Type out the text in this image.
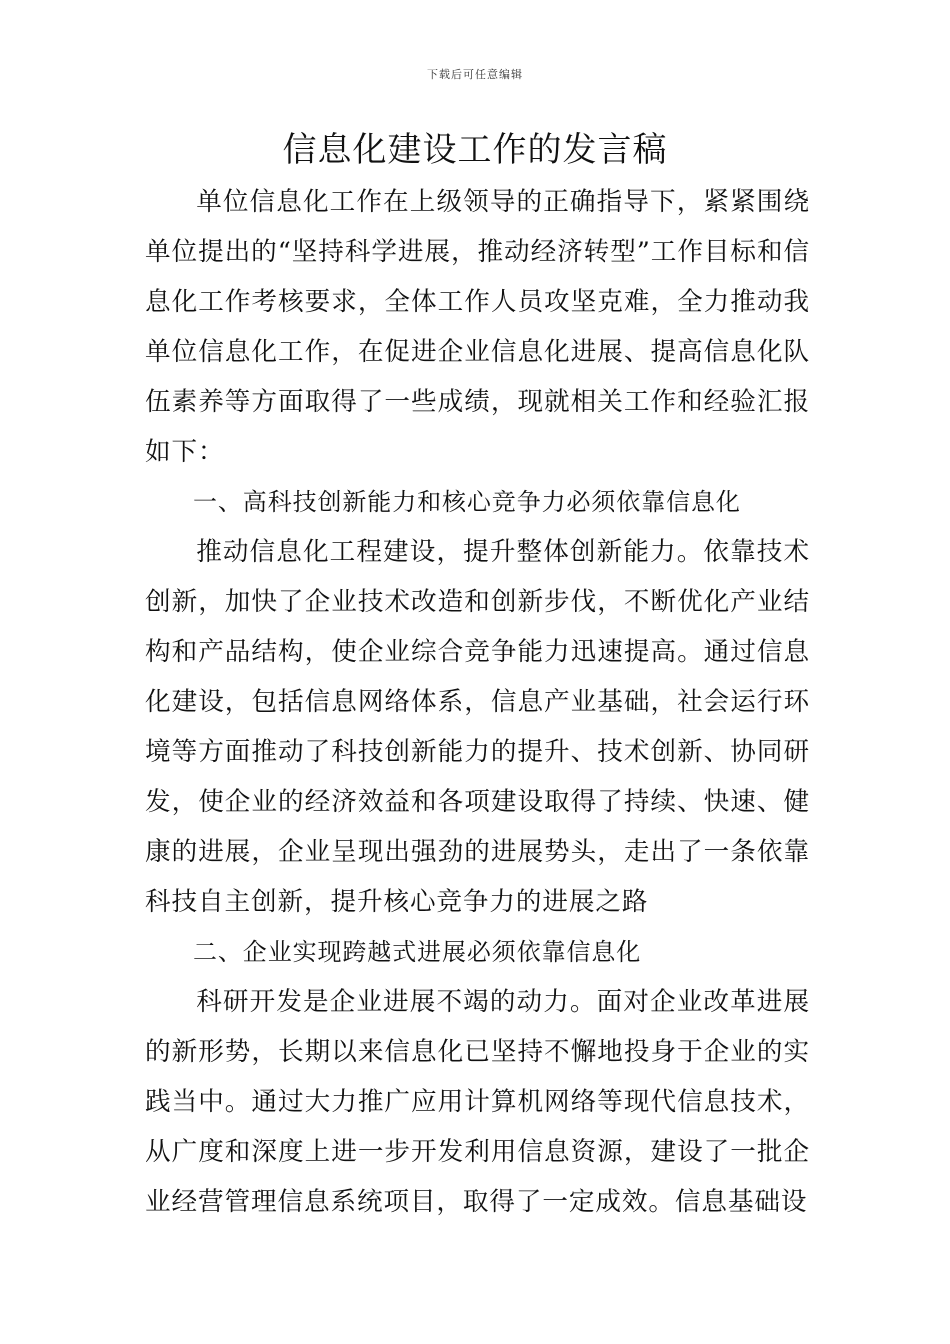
下载后可任意编辑
信息化建设工作的发言稿

单位信息化工作在上级领导的正确指导下，紧紧围绕单位提出的“坚持科学进展，推动经济转型”工作目标和信息化工作考核要求，全体工作人员攻坚克难，全力推动我单位信息化工作，在促进企业信息化进展、提高信息化队伍素养等方面取得了一些成绩，现就相关工作和经验汇报如下：

一、高科技创新能力和核心竞争力必须依靠信息化

推动信息化工程建设，提升整体创新能力。依靠技术创新，加快了企业技术改造和创新步伐，不断优化产业结构和产品结构，使企业综合竞争能力迅速提高。通过信息化建设，包括信息网络体系，信息产业基础，社会运行环境等方面推动了科技创新能力的提升、技术创新、协同研发，使企业的经济效益和各项建设取得了持续、快速、健康的进展，企业呈现出强劲的进展势头，走出了一条依靠科技自主创新，提升核心竞争力的进展之路

二、企业实现跨越式进展必须依靠信息化

科研开发是企业进展不竭的动力。面对企业改革进展的新形势，长期以来信息化已坚持不懈地投身于企业的实践当中。通过大力推广应用计算机网络等现代信息技术，从广度和深度上进一步开发利用信息资源，建设了一批企业经营管理信息系统项目，取得了一定成效。信息基础设
